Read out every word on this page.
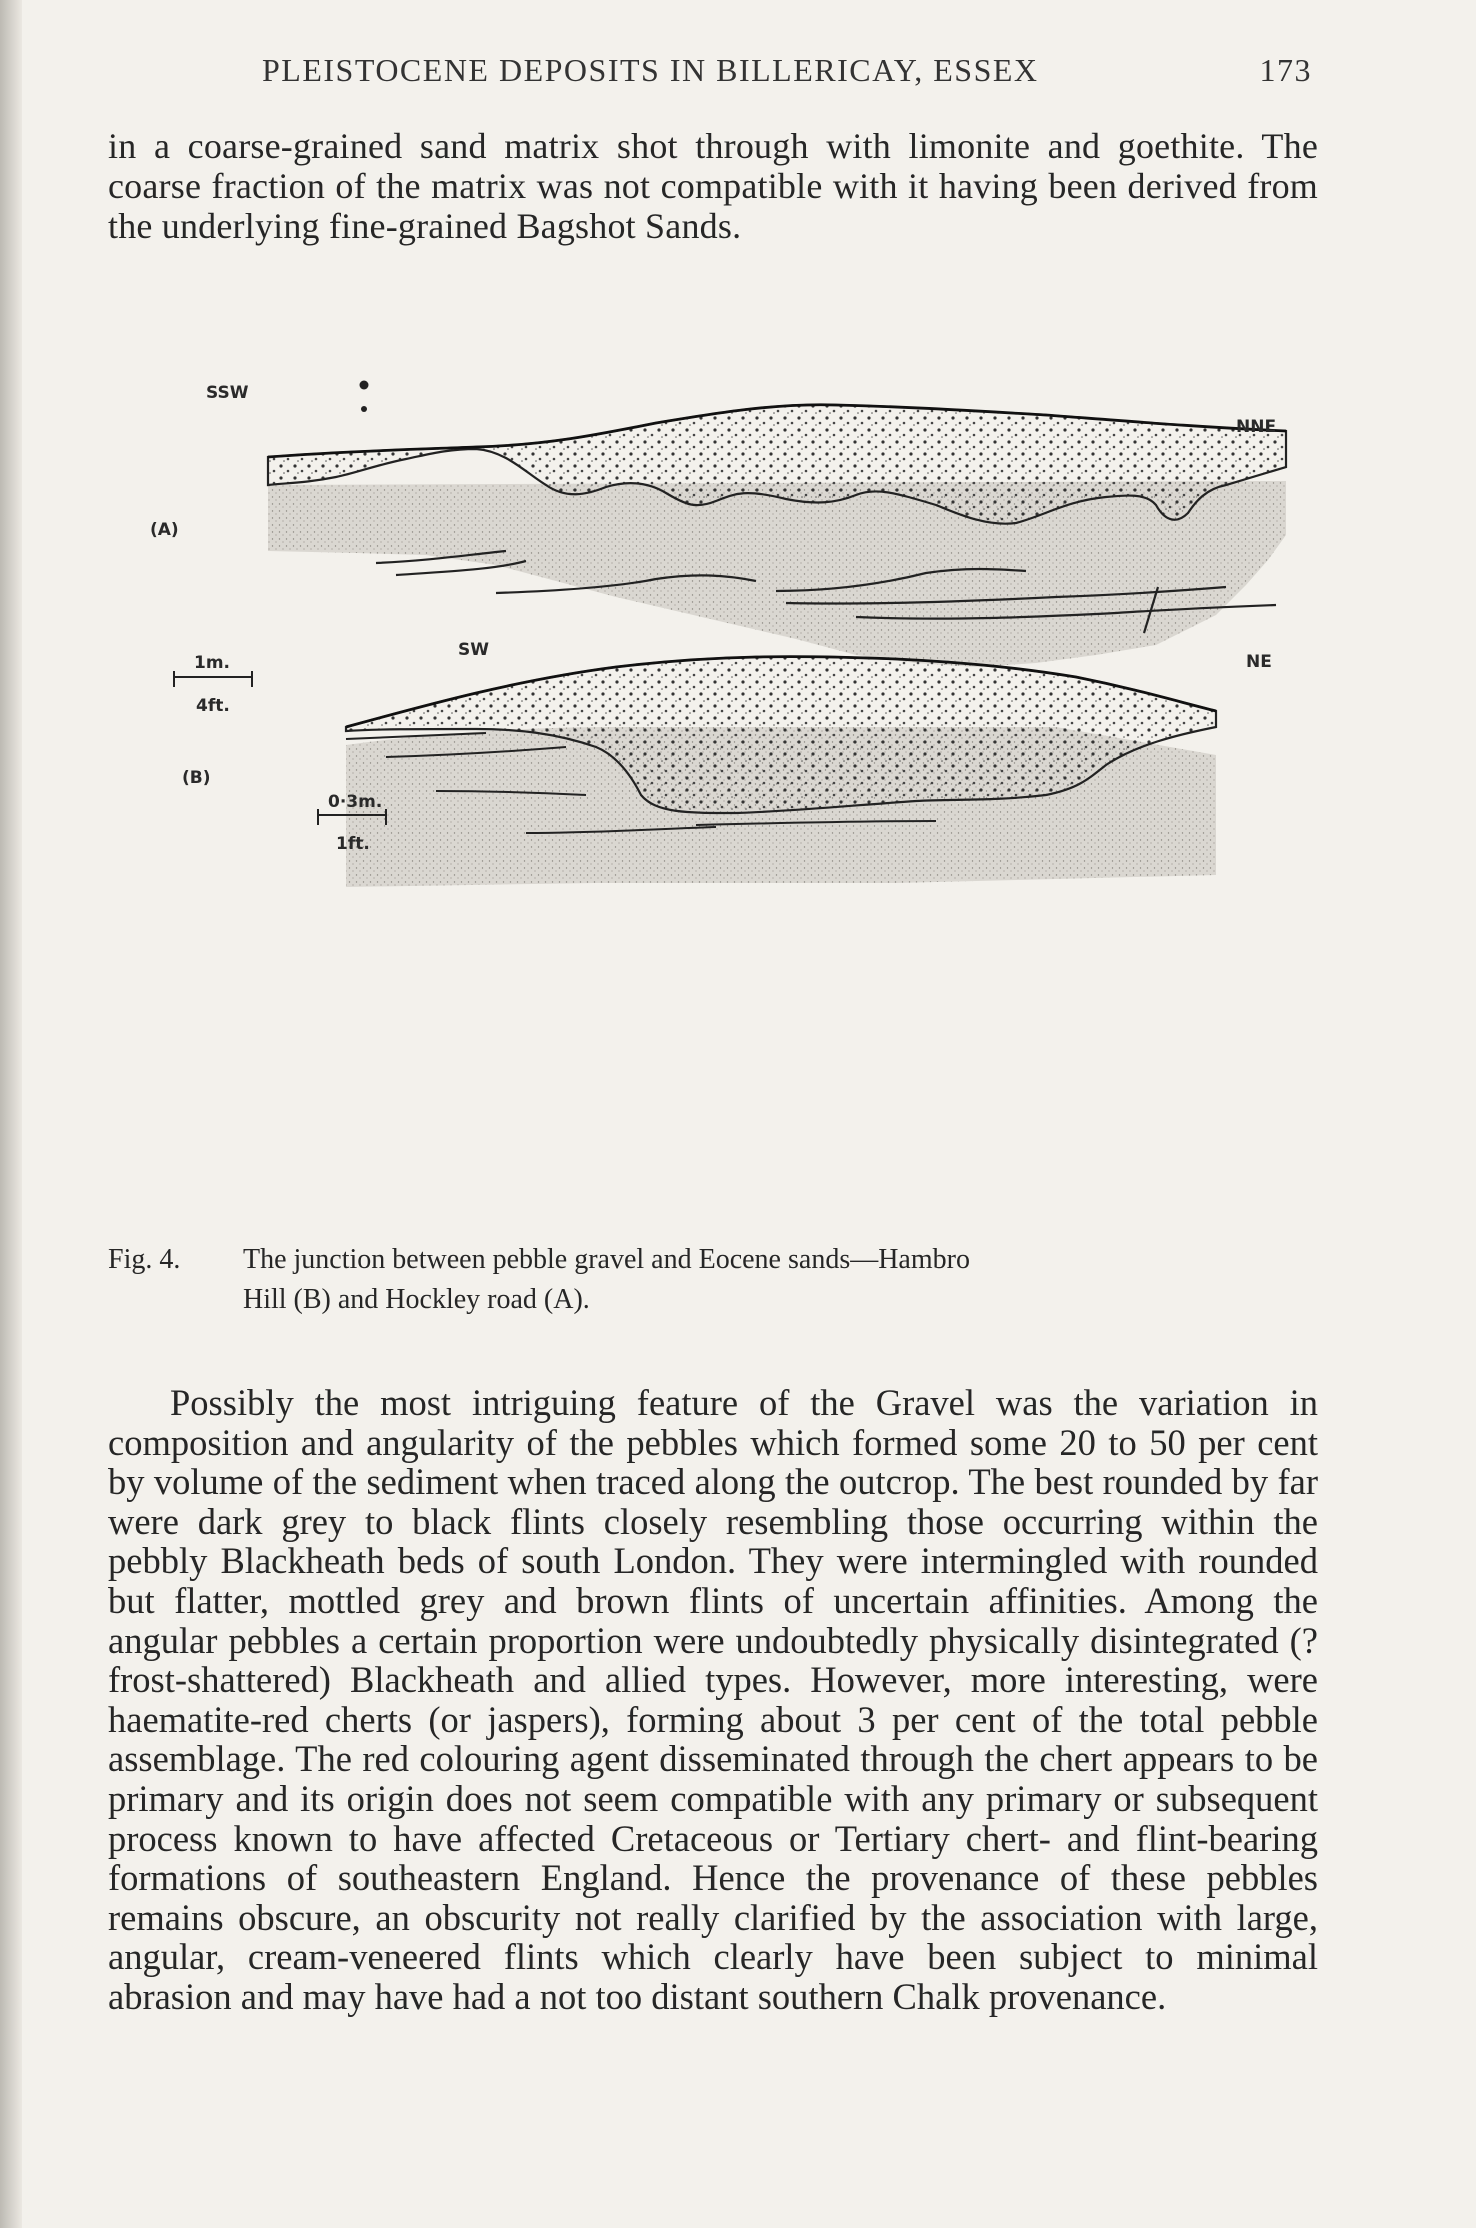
PLEISTOCENE DEPOSITS IN BILLERICAY, ESSEX	173

in a coarse-grained sand matrix shot through with limonite and goethite. The coarse fraction of the matrix was not compatible with it having been derived from the underlying fine-grained Bagshot Sands.

SSW
NNE
(A)
1m.
4ft.
SW
NE
(B)
0·3m.
1ft.
Fig. 4. The junction between pebble gravel and Eocene sands—Hambro
Hill (B) and Hockley road (A).

Possibly the most intriguing feature of the Gravel was the variation in composition and angularity of the pebbles which formed some 20 to 50 per cent by volume of the sediment when traced along the outcrop. The best rounded by far were dark grey to black flints closely resembling those occurring within the pebbly Blackheath beds of south London. They were intermingled with rounded but flatter, mottled grey and brown flints of uncertain affinities. Among the angular pebbles a certain proportion were undoubtedly physically disintegrated (? frost-shattered) Blackheath and allied types. However, more interesting, were haematite-red cherts (or jaspers), forming about 3 per cent of the total pebble assemblage. The red colouring agent disseminated through the chert appears to be primary and its origin does not seem compatible with any primary or subsequent process known to have affected Cretaceous or Tertiary chert- and flint-bearing formations of southeastern England. Hence the provenance of these pebbles remains obscure, an obscurity not really clarified by the association with large, angular, cream-veneered flints which clearly have been subject to minimal abrasion and may have had a not too distant southern Chalk provenance.
